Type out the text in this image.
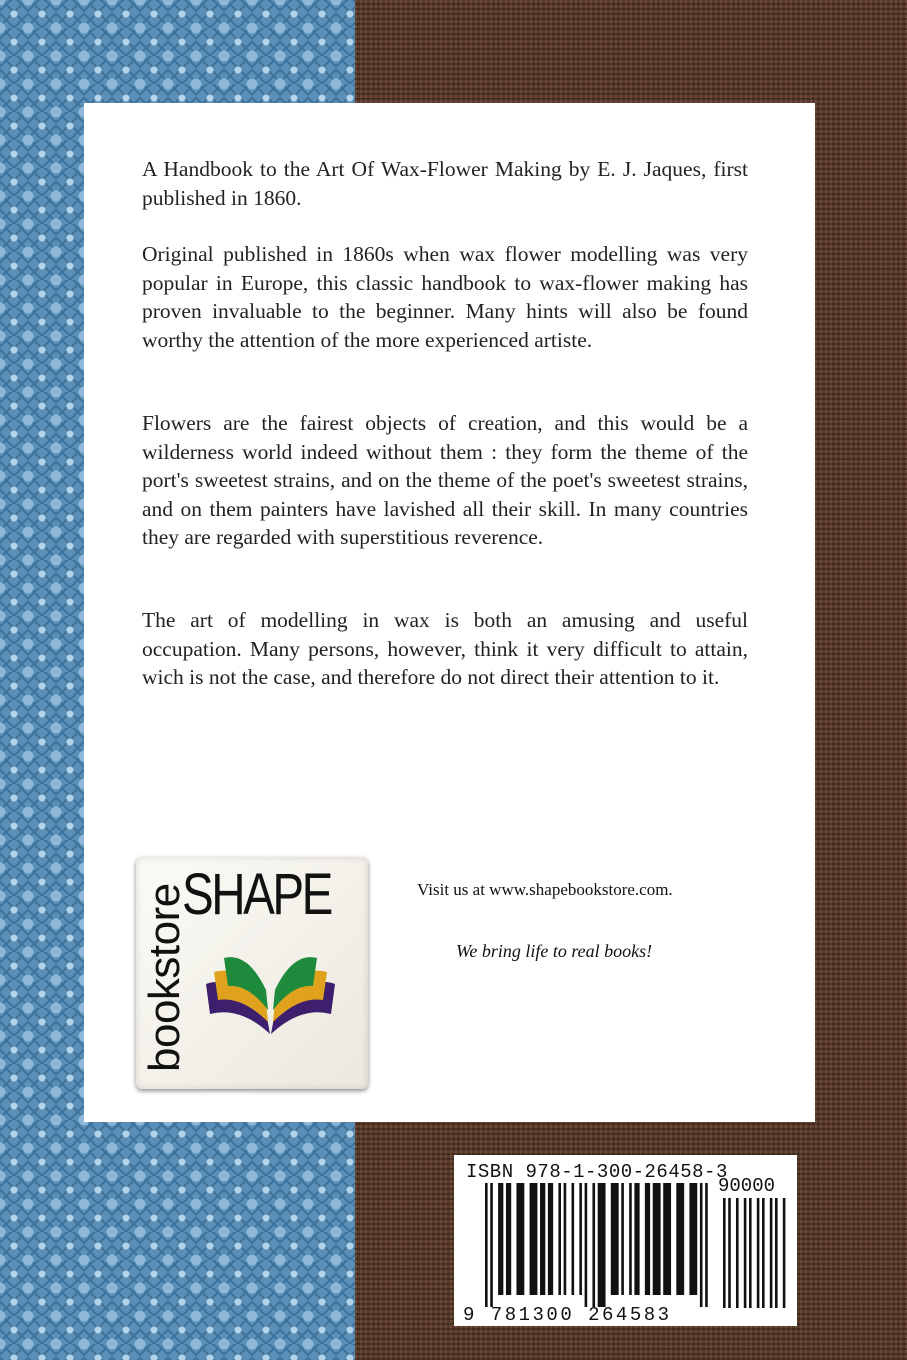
A Handbook to the Art Of Wax-Flower Making by E. J. Jaques, first published in 1860.

Original published in 1860s when wax flower modelling was very popular in Europe, this classic handbook to wax-flower making has proven invaluable to the beginner. Many hints will also be found worthy the attention of the more experienced artiste.

Flowers are the fairest objects of creation, and this would be a wilderness world indeed without them : they form the theme of the port's sweetest strains, and on the theme of the poet's sweetest strains, and on them painters have lavished all their skill. In many countries they are regarded with superstitious reverence.

The art of modelling in wax is both an amusing and useful occupation. Many persons, however, think it very difficult to attain, wich is not the case, and therefore do not direct their attention to it.

bookstore
SHAPE	Visit us at www.shapebookstore.com.
We bring life to real books!
ISBN 978-1-300-26458-3
90000
9 781300 264583
